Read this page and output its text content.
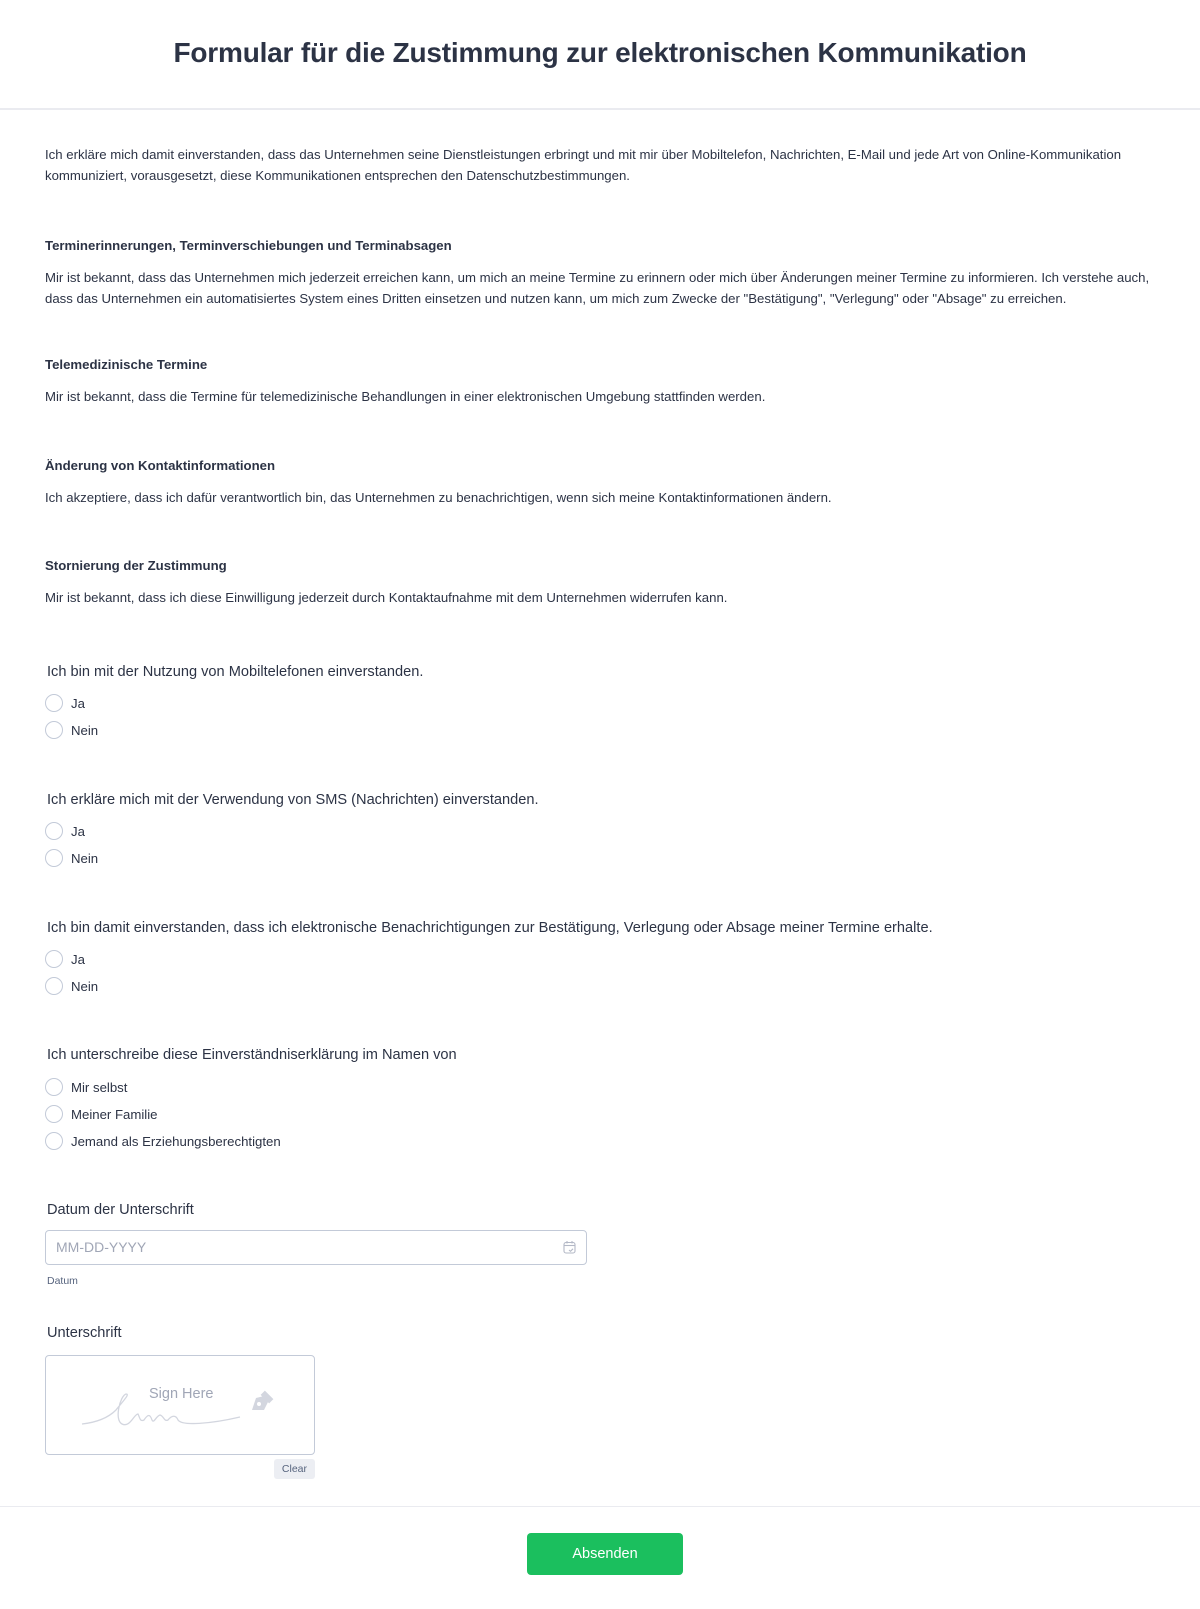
Formular für die Zustimmung zur elektronischen Kommunikation

Ich erkläre mich damit einverstanden, dass das Unternehmen seine Dienstleistungen erbringt und mit mir über Mobiltelefon, Nachrichten, E-Mail und jede Art von Online-Kommunikation kommuniziert, vorausgesetzt, diese Kommunikationen entsprechen den Datenschutzbestimmungen.

Terminerinnerungen, Terminverschiebungen und Terminabsagen

Mir ist bekannt, dass das Unternehmen mich jederzeit erreichen kann, um mich an meine Termine zu erinnern oder mich über Änderungen meiner Termine zu informieren. Ich verstehe auch, dass das Unternehmen ein automatisiertes System eines Dritten einsetzen und nutzen kann, um mich zum Zwecke der "Bestätigung", "Verlegung" oder "Absage" zu erreichen.

Telemedizinische Termine

Mir ist bekannt, dass die Termine für telemedizinische Behandlungen in einer elektronischen Umgebung stattfinden werden.

Änderung von Kontaktinformationen

Ich akzeptiere, dass ich dafür verantwortlich bin, das Unternehmen zu benachrichtigen, wenn sich meine Kontaktinformationen ändern.

Stornierung der Zustimmung

Mir ist bekannt, dass ich diese Einwilligung jederzeit durch Kontaktaufnahme mit dem Unternehmen widerrufen kann.

Ich bin mit der Nutzung von Mobiltelefonen einverstanden.
Ja
Nein
Ich erkläre mich mit der Verwendung von SMS (Nachrichten) einverstanden.
Ja
Nein
Ich bin damit einverstanden, dass ich elektronische Benachrichtigungen zur Bestätigung, Verlegung oder Absage meiner Termine erhalte.
Ja
Nein
Ich unterschreibe diese Einverständniserklärung im Namen von
Mir selbst
Meiner Familie
Jemand als Erziehungsberechtigten
Datum der Unterschrift
MM-DD-YYYY
Datum
Unterschrift
Sign Here
Clear
Absenden
